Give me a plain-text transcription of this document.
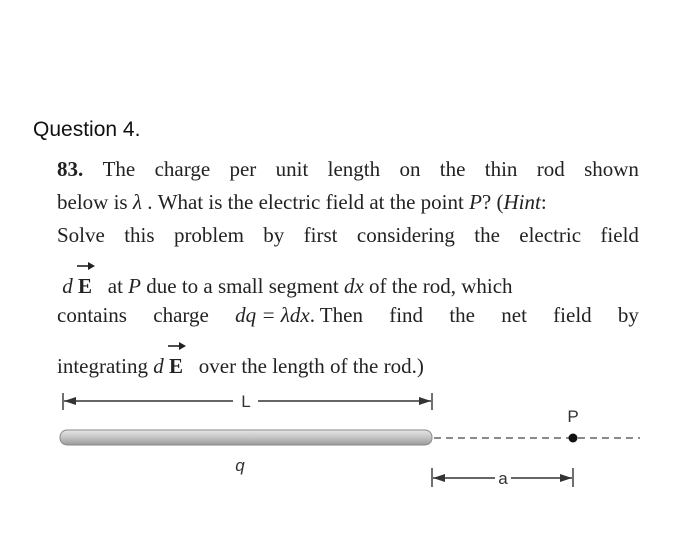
Question 4.
83. The charge per unit length on the thin rod shown
below is λ . What is the electric field at the point P? (Hint:
Solve this problem by first considering the electric field
d E at P due to a small segment dx of the rod, which
contains charge dq = λdx. Then find the net field by
integrating d E over the length of the rod.)
L
P
q
a
